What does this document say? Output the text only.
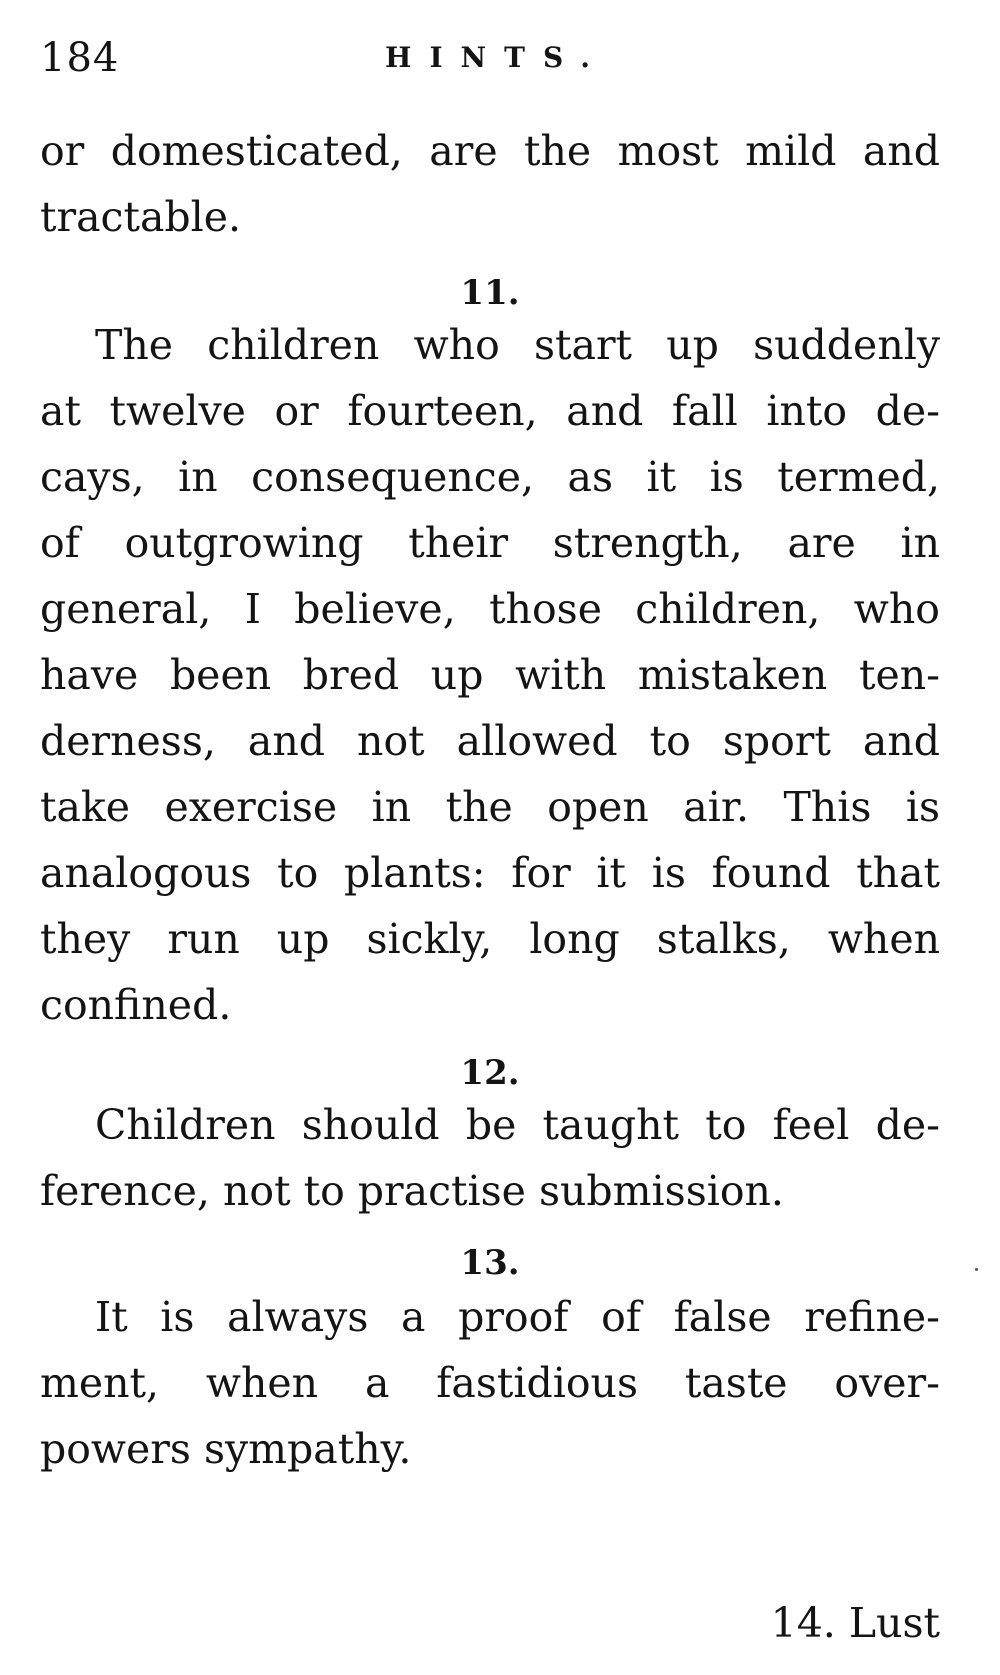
184	HINTS.
or domesticated, are the most mild and
tractable.
11.
The children who start up suddenly
at twelve or fourteen, and fall into de-
cays, in consequence, as it is termed,
of outgrowing their strength, are in
general, I believe, those children, who
have been bred up with mistaken ten-
derness, and not allowed to sport and
take exercise in the open air. This is
analogous to plants: for it is found that
they run up sickly, long stalks, when
confined.
12.
Children should be taught to feel de-
ference, not to practise submission.
13.
It is always a proof of false refine-
ment, when a fastidious taste over-
powers sympathy.
14. Lust
